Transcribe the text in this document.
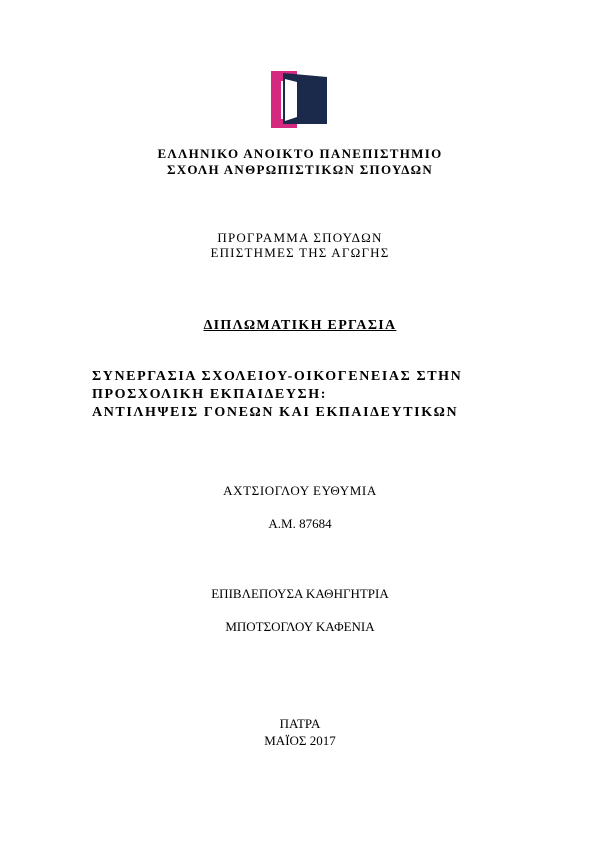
ΕΛΛΗΝΙΚΟ ΑΝΟΙΚΤΟ ΠΑΝΕΠΙΣΤΗΜΙΟ
ΣΧΟΛΗ ΑΝΘΡΩΠΙΣΤΙΚΩΝ ΣΠΟΥΔΩΝ
ΠΡΟΓΡΑΜΜΑ ΣΠΟΥΔΩΝ
ΕΠΙΣΤΗΜΕΣ ΤΗΣ ΑΓΩΓΗΣ
ΔΙΠΛΩΜΑΤΙΚΗ ΕΡΓΑΣΙΑ
ΣΥΝΕΡΓΑΣΙΑ ΣΧΟΛΕΙΟΥ-ΟΙΚΟΓΕΝΕΙΑΣ ΣΤΗΝ
ΠΡΟΣΧΟΛΙΚΗ ΕΚΠΑΙΔΕΥΣΗ:
ΑΝΤΙΛΗΨΕΙΣ ΓΟΝΕΩΝ ΚΑΙ ΕΚΠΑΙΔΕΥΤΙΚΩΝ
ΑΧΤΣΙΟΓΛΟΥ ΕΥΘΥΜΙΑ
Α.Μ. 87684
ΕΠΙΒΛΕΠΟΥΣΑ ΚΑΘΗΓΗΤΡΙΑ
ΜΠΟΤΣΟΓΛΟΥ ΚΑΦΕΝΙΑ
ΠΑΤΡΑ
ΜΑΪΟΣ 2017
